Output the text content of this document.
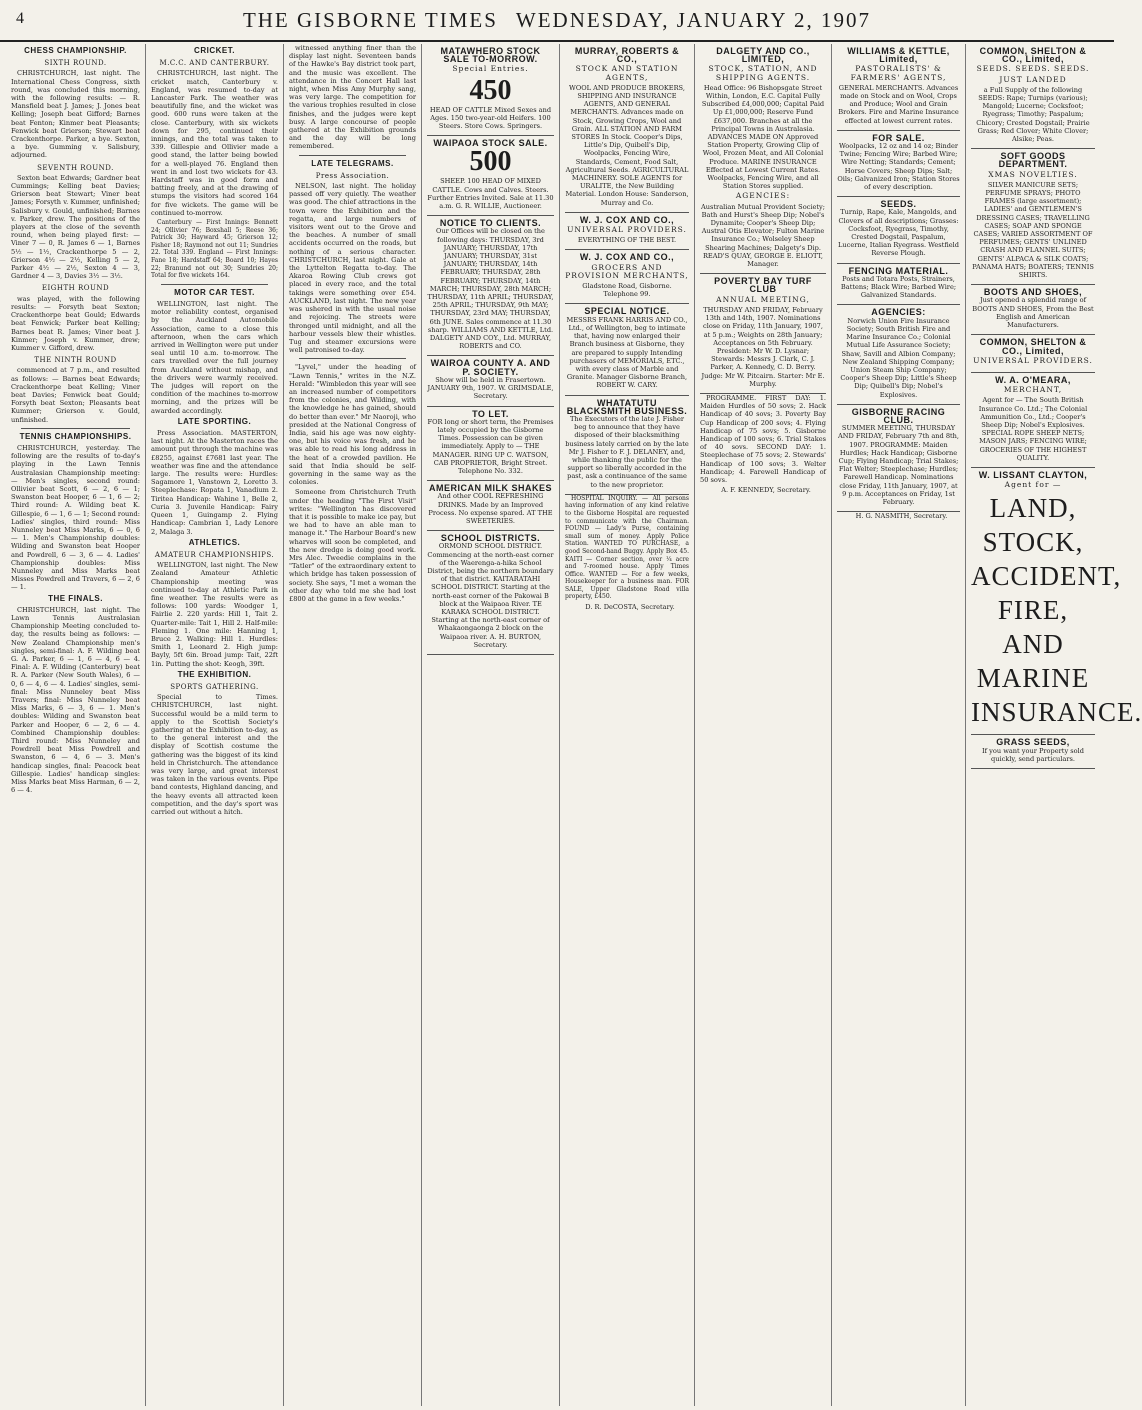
4	THE GISBORNE TIMES WEDNESDAY, JANUARY 2, 1907
CHESS CHAMPIONSHIP.
SIXTH ROUND.

CHRISTCHURCH, last night. The International Chess Congress, sixth round, was concluded this morning, with the following results: — R. Mansfield beat J. James; J. Jones beat Kelling; Joseph beat Gifford; Barnes beat Fenton; Kinmer beat Pleasants; Fenwick beat Grierson; Stewart beat Crackenthorpe. Parker, a bye. Sexton, a bye. Gumming v. Salisbury, adjourned.

SEVENTH ROUND.

Sexton beat Edwards; Gardner beat Cummings; Kelling beat Davies; Grierson beat Stewart; Viner beat James; Forsyth v. Kummer, unfinished; Salisbury v. Gould, unfinished; Barnes v. Parker, drew. The positions of the players at the close of the seventh round, when being played first: — Viner 7 — 0, R. James 6 — 1, Barnes 5½ — 1½, Crackenthorpe 5 — 2, Grierson 4½ — 2½, Kelling 5 — 2, Parker 4½ — 2½, Sexton 4 — 3, Gardner 4 — 3, Davies 3½ — 3½.

EIGHTH ROUND

was played, with the following results: — Forsyth beat Sexton; Crackenthorpe beat Gould; Edwards beat Fenwick; Parker beat Kelling; Barnes beat R. James; Viner beat J. Kinmer; Joseph v. Kummer, drew; Kummer v. Gifford, drew.

THE NINTH ROUND

commenced at 7 p.m., and resulted as follows: — Barnes beat Edwards; Crackenthorpe beat Kelling; Viner beat Davies; Fenwick beat Gould; Forsyth beat Sexton; Pleasants beat Kummer; Grierson v. Gould, unfinished.

TENNIS CHAMPIONSHIPS.

CHRISTCHURCH, yesterday. The following are the results of to-day's playing in the Lawn Tennis Australasian Championship meeting: — Men's singles, second round: Ollivier beat Scott, 6 — 2, 6 — 1; Swanston beat Hooper, 6 — 1, 6 — 2; Third round: A. Wilding beat K. Gillespie, 6 — 1, 6 — 1; Second round: Ladies' singles, third round: Miss Nunneley beat Miss Marks, 6 — 0, 6 — 1. Men's Championship doubles: Wilding and Swanston beat Hooper and Powdrell, 6 — 3, 6 — 4. Ladies' Championship doubles: Miss Nunneley and Miss Marks beat Misses Powdrell and Travers, 6 — 2, 6 — 1.

THE FINALS.

CHRISTCHURCH, last night. The Lawn Tennis Australasian Championship Meeting concluded to-day, the results being as follows: — New Zealand Championship men's singles, semi-final: A. F. Wilding beat G. A. Parker, 6 — 1, 6 — 4, 6 — 4. Final: A. F. Wilding (Canterbury) beat R. A. Parker (New South Wales), 6 — 0, 6 — 4, 6 — 4. Ladies' singles, semi-final: Miss Nunneley beat Miss Travers; final: Miss Nunneley beat Miss Marks, 6 — 3, 6 — 1. Men's doubles: Wilding and Swanston beat Parker and Hooper, 6 — 2, 6 — 4. Combined Championship doubles: Third round: Miss Nunneley and Powdrell beat Miss Powdrell and Swanston, 6 — 4, 6 — 3. Men's handicap singles, final: Peacock beat Gillespie. Ladies' handicap singles: Miss Marks beat Miss Harman, 6 — 2, 6 — 4.

CRICKET.
M.C.C. AND CANTERBURY.

CHRISTCHURCH, last night. The cricket match, Canterbury v. England, was resumed to-day at Lancaster Park. The weather was beautifully fine, and the wicket was good. 600 runs were taken at the close. Canterbury, with six wickets down for 295, continued their innings, and the total was taken to 339. Gillespie and Ollivier made a good stand, the latter being bowled for a well-played 76. England then went in and lost two wickets for 43. Hardstaff was in good form and batting freely, and at the drawing of stumps the visitors had scored 164 for five wickets. The game will be continued to-morrow.

Canterbury — First Innings: Bennett 24; Ollivier 76; Boxshall 5; Reese 36; Patrick 30; Hayward 45; Grierson 12; Fisher 18; Raymond not out 11; Sundries 22. Total 339. England — First Innings: Fane 18; Hardstaff 64; Board 10; Hayes 22; Branund not out 30; Sundries 20; Total for five wickets 164.

MOTOR CAR TEST.

WELLINGTON, last night. The motor reliability contest, organised by the Auckland Automobile Association, came to a close this afternoon, when the cars which arrived in Wellington were put under seal until 10 a.m. to-morrow. The cars travelled over the full journey from Auckland without mishap, and the drivers were warmly received. The judges will report on the condition of the machines to-morrow morning, and the prizes will be awarded accordingly.

LATE SPORTING.

Press Association. MASTERTON, last night. At the Masterton races the amount put through the machine was £8255, against £7681 last year. The weather was fine and the attendance large. The results were: Hurdles: Sagamore 1, Vanstown 2, Loretto 3. Steeplechase: Ropata 1, Vanadium 2. Tiritea Handicap: Wahine 1, Belle 2, Curia 3. Juvenile Handicap: Fairy Queen 1, Guingamp 2. Flying Handicap: Cambrian 1, Lady Lenore 2, Malaga 3.

ATHLETICS.
AMATEUR CHAMPIONSHIPS.

WELLINGTON, last night. The New Zealand Amateur Athletic Championship meeting was continued to-day at Athletic Park in fine weather. The results were as follows: 100 yards: Woodger 1, Fairlie 2. 220 yards: Hill 1, Tait 2. Quarter-mile: Tait 1, Hill 2. Half-mile: Fleming 1. One mile: Hanning 1, Bruce 2. Walking: Hill 1. Hurdles: Smith 1, Leonard 2. High jump: Bayly, 5ft 6in. Broad jump: Tait, 22ft 1in. Putting the shot: Keogh, 39ft.

THE EXHIBITION.
SPORTS GATHERING.

Special to Times. CHRISTCHURCH, last night. Successful would be a mild term to apply to the Scottish Society's gathering at the Exhibition to-day, as to the general interest and the display of Scottish costume the gathering was the biggest of its kind held in Christchurch. The attendance was very large, and great interest was taken in the various events. Pipe band contests, Highland dancing, and the heavy events all attracted keen competition, and the day's sport was carried out without a hitch.

witnessed anything finer than the display last night. Seventeen bands of the Hawke's Bay district took part, and the music was excellent. The attendance in the Concert Hall last night, when Miss Amy Murphy sang, was very large. The competition for the various trophies resulted in close finishes, and the judges were kept busy. A large concourse of people gathered at the Exhibition grounds and the day will be long remembered.

LATE TELEGRAMS.
Press Association.

NELSON, last night. The holiday passed off very quietly. The weather was good. The chief attractions in the town were the Exhibition and the regatta, and large numbers of visitors went out to the Grove and the beaches. A number of small accidents occurred on the roads, but nothing of a serious character. CHRISTCHURCH, last night. Gale at the Lyttelton Regatta to-day. The Akaroa Rowing Club crews got placed in every race, and the total takings were something over £54. AUCKLAND, last night. The new year was ushered in with the usual noise and rejoicing. The streets were thronged until midnight, and all the harbour vessels blew their whistles. Tug and steamer excursions were well patronised to-day.

"Lyvel," under the heading of "Lawn Tennis," writes in the N.Z. Herald: "Wimbledon this year will see an increased number of competitors from the colonies, and Wilding, with the knowledge he has gained, should do better than ever." Mr Naoroji, who presided at the National Congress of India, said his age was now eighty-one, but his voice was fresh, and he was able to read his long address in the heat of a crowded pavilion. He said that India should be self-governing in the same way as the colonies.

Someone from Christchurch Truth under the heading "The First Visit" writes: "Wellington has discovered that it is possible to make ice pay, but we had to have an able man to manage it." The Harbour Board's new wharves will soon be completed, and the new dredge is doing good work. Mrs Alec. Tweedie complains in the "Tatler" of the extraordinary extent to which bridge has taken possession of society. She says, "I met a woman the other day who told me she had lost £800 at the game in a few weeks."

MATAWHERO STOCK SALE TO-MORROW.
Special Entries.
450
HEAD OF CATTLE Mixed Sexes and Ages. 150 two-year-old Heifers. 100 Steers. Store Cows. Springers.
WAIPAOA STOCK SALE.
500
SHEEP. 100 HEAD OF MIXED CATTLE. Cows and Calves. Steers. Further Entries Invited. Sale at 11.30 a.m. G. R. WILLIE, Auctioneer.
NOTICE TO CLIENTS.
Our Offices will be closed on the following days: THURSDAY, 3rd JANUARY; THURSDAY, 17th JANUARY; THURSDAY, 31st JANUARY; THURSDAY, 14th FEBRUARY; THURSDAY, 28th FEBRUARY; THURSDAY, 14th MARCH; THURSDAY, 28th MARCH; THURSDAY, 11th APRIL; THURSDAY, 25th APRIL; THURSDAY, 9th MAY; THURSDAY, 23rd MAY; THURSDAY, 6th JUNE. Sales commence at 11.30 sharp. WILLIAMS AND KETTLE, Ltd. DALGETY AND COY., Ltd. MURRAY, ROBERTS and CO.
WAIROA COUNTY A. AND P. SOCIETY.
Show will be held in Frasertown. JANUARY 9th, 1907. W. GRIMSDALE, Secretary.
TO LET.
FOR long or short term, the Premises lately occupied by the Gisborne Times. Possession can be given immediately. Apply to — THE MANAGER. RING UP C. WATSON, CAB PROPRIETOR, Bright Street. Telephone No. 332.
AMERICAN MILK SHAKES
And other COOL REFRESHING DRINKS. Made by an Improved Process. No expense spared. AT THE SWEETERIES.
SCHOOL DISTRICTS.
ORMOND SCHOOL DISTRICT. Commencing at the north-east corner of the Waerenga-a-hika School District, being the northern boundary of that district. KAITARATAHI SCHOOL DISTRICT. Starting at the north-east corner of the Pakowai B block at the Waipaoa River. TE KARAKA SCHOOL DISTRICT. Starting at the north-east corner of Whakaongaonga 2 block on the Waipaoa river. A. H. BURTON, Secretary.
MURRAY, ROBERTS & CO.,
STOCK AND STATION AGENTS,
WOOL AND PRODUCE BROKERS, SHIPPING AND INSURANCE AGENTS, AND GENERAL MERCHANTS. Advances made on Stock, Growing Crops, Wool and Grain. ALL STATION AND FARM STORES In Stock. Cooper's Dips, Little's Dip, Quibell's Dip, Woolpacks, Fencing Wire, Standards, Cement, Food Salt, Agricultural Seeds. AGRICULTURAL MACHINERY. SOLE AGENTS for URALITE, the New Building Material. London House: Sanderson, Murray and Co.
W. J. COX AND CO.,
UNIVERSAL PROVIDERS.
EVERYTHING OF THE BEST.
W. J. COX AND CO.,
GROCERS AND PROVISION MERCHANTS,
Gladstone Road, Gisborne. Telephone 99.
SPECIAL NOTICE.
MESSRS FRANK HARRIS AND CO., Ltd., of Wellington, beg to intimate that, having now enlarged their Branch business at Gisborne, they are prepared to supply Intending purchasers of MEMORIALS, ETC., with every class of Marble and Granite. Manager Gisborne Branch, ROBERT W. CARY.
WHATATUTU BLACKSMITH BUSINESS.
The Executors of the late J. Fisher beg to announce that they have disposed of their blacksmithing business lately carried on by the late Mr J. Fisher to F. J. DELANEY, and, while thanking the public for the support so liberally accorded in the past, ask a continuance of the same to the new proprietor.

HOSPITAL INQUIRY. — All persons having information of any kind relative to the Gisborne Hospital are requested to communicate with the Chairman. FOUND — Lady's Purse, containing small sum of money. Apply Police Station. WANTED TO PURCHASE, a good Second-hand Buggy. Apply Box 45. KAITI — Corner section, over ¼ acre and 7-roomed house. Apply Times Office. WANTED — For a few weeks, Housekeeper for a business man. FOR SALE, Upper Gladstone Road villa property, £450.

D. R. DeCOSTA, Secretary.

DALGETY AND CO., LIMITED,
STOCK, STATION, AND SHIPPING AGENTS.
Head Office: 96 Bishopsgate Street Within, London, E.C. Capital Fully Subscribed £4,000,000; Capital Paid Up £1,000,000; Reserve Fund £637,000. Branches at all the Principal Towns in Australasia. ADVANCES MADE ON Approved Station Property, Growing Clip of Wool, Frozen Meat, and All Colonial Produce. MARINE INSURANCE Effected at Lowest Current Rates. Woolpacks, Fencing Wire, and all Station Stores supplied.
AGENCIES:
Australian Mutual Provident Society; Bath and Hurst's Sheep Dip; Nobel's Dynamite; Cooper's Sheep Dip; Austral Otis Elevator; Fulton Marine Insurance Co.; Wolseley Sheep Shearing Machines; Dalgety's Dip. READ'S QUAY, GEORGE E. ELIOTT, Manager.
POVERTY BAY TURF CLUB
ANNUAL MEETING,
THURSDAY AND FRIDAY, February 13th and 14th, 1907. Nominations close on Friday, 11th January, 1907, at 5 p.m.; Weights on 28th January; Acceptances on 5th February. President: Mr W. D. Lysnar; Stewards: Messrs J. Clark, C. J. Parker, A. Kennedy, C. D. Berry. Judge: Mr W. Pitcairn. Starter: Mr E. Murphy.

PROGRAMME. FIRST DAY: 1. Maiden Hurdles of 50 sovs; 2. Hack Handicap of 40 sovs; 3. Poverty Bay Cup Handicap of 200 sovs; 4. Flying Handicap of 75 sovs; 5. Gisborne Handicap of 100 sovs; 6. Trial Stakes of 40 sovs. SECOND DAY: 1. Steeplechase of 75 sovs; 2. Stewards' Handicap of 100 sovs; 3. Welter Handicap; 4. Farewell Handicap of 50 sovs.

A. F. KENNEDY, Secretary.

WILLIAMS & KETTLE, Limited,
PASTORALISTS' & FARMERS' AGENTS,
GENERAL MERCHANTS. Advances made on Stock and on Wool, Crops and Produce; Wool and Grain Brokers. Fire and Marine Insurance effected at lowest current rates.
FOR SALE.
Woolpacks, 12 oz and 14 oz; Binder Twine; Fencing Wire; Barbed Wire; Wire Netting; Standards; Cement; Horse Covers; Sheep Dips; Salt; Oils; Galvanized Iron; Station Stores of every description.
SEEDS.
Turnip, Rape, Kale, Mangolds, and Clovers of all descriptions; Grasses: Cocksfoot, Ryegrass, Timothy, Crested Dogstail, Paspalum, Lucerne, Italian Ryegrass. Westfield Reverse Plough.
FENCING MATERIAL.
Posts and Totara Posts, Strainers, Battens; Black Wire; Barbed Wire; Galvanized Standards.
AGENCIES:
Norwich Union Fire Insurance Society; South British Fire and Marine Insurance Co.; Colonial Mutual Life Assurance Society; Shaw, Savill and Albion Company; New Zealand Shipping Company; Union Steam Ship Company; Cooper's Sheep Dip; Little's Sheep Dip; Quibell's Dip; Nobel's Explosives.
GISBORNE RACING CLUB.
SUMMER MEETING, THURSDAY AND FRIDAY, February 7th and 8th, 1907. PROGRAMME: Maiden Hurdles; Hack Handicap; Gisborne Cup; Flying Handicap; Trial Stakes; Flat Welter; Steeplechase; Hurdles; Farewell Handicap. Nominations close Friday, 11th January, 1907, at 9 p.m. Acceptances on Friday, 1st February.

H. G. NASMITH, Secretary.

COMMON, SHELTON & CO., Limited,
SEEDS. SEEDS. SEEDS.
JUST LANDED
a Full Supply of the following SEEDS: Rape; Turnips (various); Mangold; Lucerne; Cocksfoot; Ryegrass; Timothy; Paspalum; Chicory; Crested Dogstail; Prairie Grass; Red Clover; White Clover; Alsike; Peas.
SOFT GOODS DEPARTMENT.
XMAS NOVELTIES.
SILVER MANICURE SETS; PERFUME SPRAYS; PHOTO FRAMES (large assortment); LADIES' and GENTLEMEN'S DRESSING CASES; TRAVELLING CASES; SOAP AND SPONGE CASES; VARIED ASSORTMENT OF PERFUMES; GENTS' UNLINED CRASH AND FLANNEL SUITS; GENTS' ALPACA & SILK COATS; PANAMA HATS; BOATERS; TENNIS SHIRTS.
BOOTS AND SHOES,
Just opened a splendid range of BOOTS AND SHOES, From the Best English and American Manufacturers.
COMMON, SHELTON & CO., Limited,
UNIVERSAL PROVIDERS.
W. A. O'MEARA,
MERCHANT,
Agent for — The South British Insurance Co. Ltd.; The Colonial Ammunition Co., Ltd.; Cooper's Sheep Dip; Nobel's Explosives. SPECIAL ROPE SHEEP NETS; MASON JARS; FENCING WIRE; GROCERIES OF THE HIGHEST QUALITY.
W. LISSANT CLAYTON,
Agent for —
LAND,
STOCK,
ACCIDENT,
FIRE, AND
MARINE
INSURANCE.
GRASS SEEDS,
If you want your Property sold quickly, send particulars.
